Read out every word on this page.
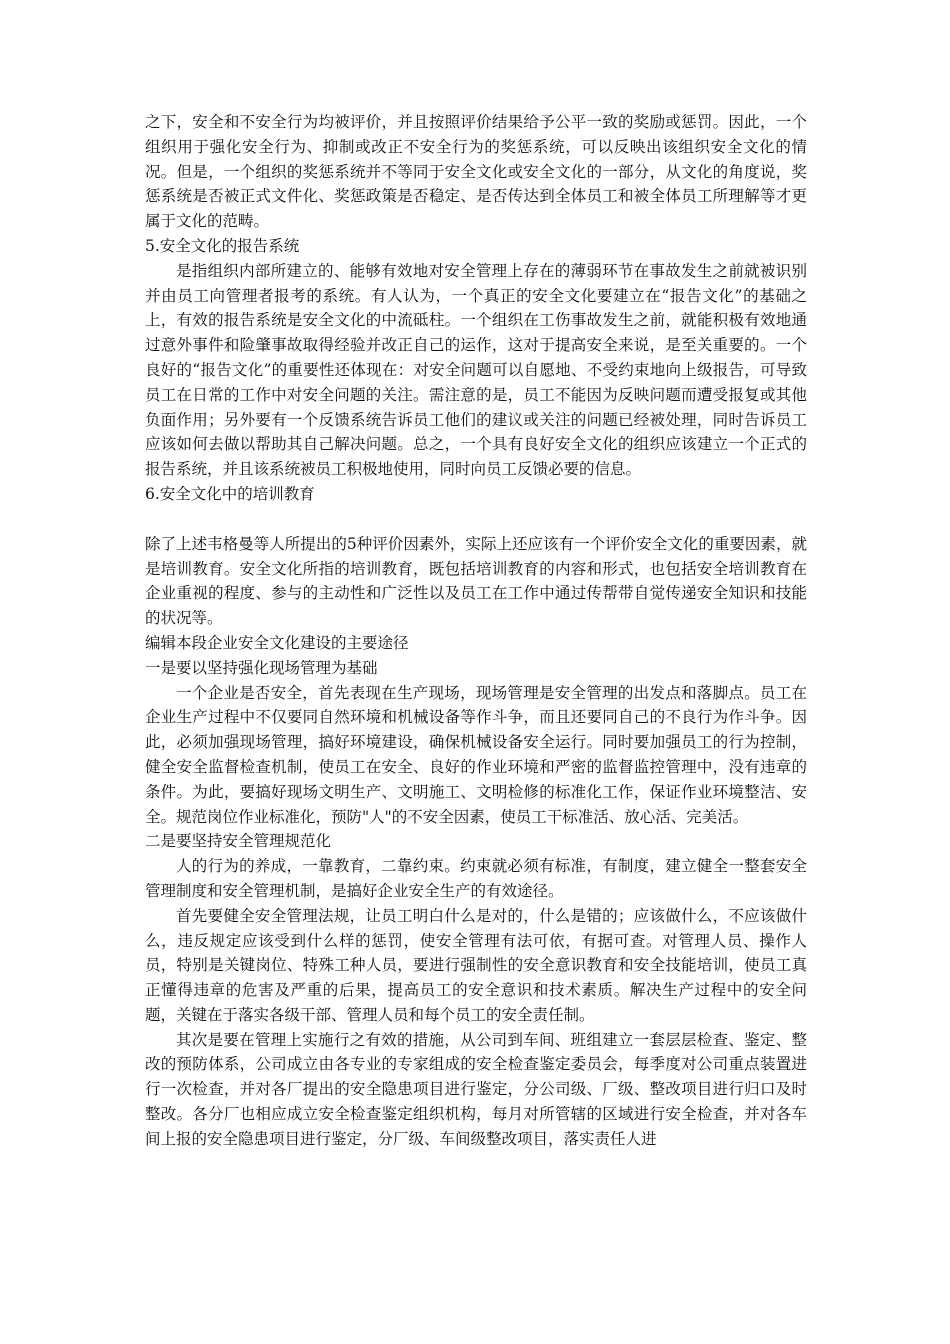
之下，安全和不安全行为均被评价，并且按照评价结果给予公平一致的奖励或惩罚。因此，一个组织用于强化安全行为、抑制或改正不安全行为的奖惩系统，可以反映出该组织安全文化的情况。但是，一个组织的奖惩系统并不等同于安全文化或安全文化的一部分，从文化的角度说，奖惩系统是否被正式文件化、奖惩政策是否稳定、是否传达到全体员工和被全体员工所理解等才更属于文化的范畴。

5.安全文化的报告系统

是指组织内部所建立的、能够有效地对安全管理上存在的薄弱环节在事故发生之前就被识别并由员工向管理者报考的系统。有人认为，一个真正的安全文化要建立在“报告文化”的基础之上，有效的报告系统是安全文化的中流砥柱。一个组织在工伤事故发生之前，就能积极有效地通过意外事件和险肇事故取得经验并改正自己的运作，这对于提高安全来说，是至关重要的。一个良好的“报告文化”的重要性还体现在：对安全问题可以自愿地、不受约束地向上级报告，可导致员工在日常的工作中对安全问题的关注。需注意的是，员工不能因为反映问题而遭受报复或其他负面作用；另外要有一个反馈系统告诉员工他们的建议或关注的问题已经被处理，同时告诉员工应该如何去做以帮助其自己解决问题。总之，一个具有良好安全文化的组织应该建立一个正式的报告系统，并且该系统被员工积极地使用，同时向员工反馈必要的信息。

6.安全文化中的培训教育

除了上述韦格曼等人所提出的5种评价因素外，实际上还应该有一个评价安全文化的重要因素，就是培训教育。安全文化所指的培训教育，既包括培训教育的内容和形式，也包括安全培训教育在企业重视的程度、参与的主动性和广泛性以及员工在工作中通过传帮带自觉传递安全知识和技能的状况等。

编辑本段企业安全文化建设的主要途径

一是要以坚持强化现场管理为基础

一个企业是否安全，首先表现在生产现场，现场管理是安全管理的出发点和落脚点。员工在企业生产过程中不仅要同自然环境和机械设备等作斗争，而且还要同自己的不良行为作斗争。因此，必须加强现场管理，搞好环境建设，确保机械设备安全运行。同时要加强员工的行为控制，健全安全监督检查机制，使员工在安全、良好的作业环境和严密的监督监控管理中，没有违章的条件。为此，要搞好现场文明生产、文明施工、文明检修的标准化工作，保证作业环境整洁、安全。规范岗位作业标准化，预防"人"的不安全因素，使员工干标准活、放心活、完美活。

二是要坚持安全管理规范化

人的行为的养成，一靠教育，二靠约束。约束就必须有标准，有制度，建立健全一整套安全管理制度和安全管理机制，是搞好企业安全生产的有效途径。

首先要健全安全管理法规，让员工明白什么是对的，什么是错的；应该做什么，不应该做什么，违反规定应该受到什么样的惩罚，使安全管理有法可依，有据可查。对管理人员、操作人员，特别是关键岗位、特殊工种人员，要进行强制性的安全意识教育和安全技能培训，使员工真正懂得违章的危害及严重的后果，提高员工的安全意识和技术素质。解决生产过程中的安全问题，关键在于落实各级干部、管理人员和每个员工的安全责任制。

其次是要在管理上实施行之有效的措施，从公司到车间、班组建立一套层层检查、鉴定、整改的预防体系，公司成立由各专业的专家组成的安全检查鉴定委员会，每季度对公司重点装置进行一次检查，并对各厂提出的安全隐患项目进行鉴定，分公司级、厂级、整改项目进行归口及时整改。各分厂也相应成立安全检查鉴定组织机构，每月对所管辖的区域进行安全检查，并对各车间上报的安全隐患项目进行鉴定，分厂级、车间级整改项目，落实责任人进
